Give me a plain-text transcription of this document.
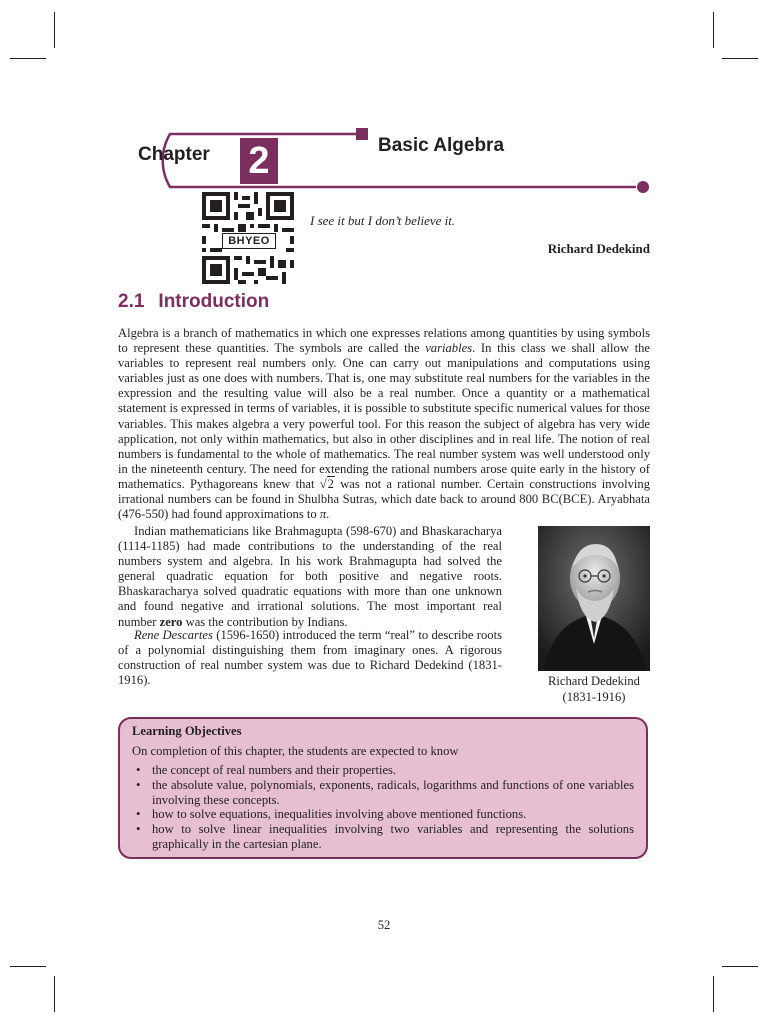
Chapter 2	Basic Algebra
BHYEO
I see it but I don’t believe it.
Richard Dedekind
2.1 Introduction

Algebra is a branch of mathematics in which one expresses relations among quantities by using symbols to represent these quantities. The symbols are called the variables. In this class we shall allow the variables to represent real numbers only. One can carry out manipulations and computations using variables just as one does with numbers. That is, one may substitute real numbers for the variables in the expression and the resulting value will also be a real number. Once a quantity or a mathematical statement is expressed in terms of variables, it is possible to substitute specific numerical values for those variables. This makes algebra a very powerful tool. For this reason the subject of algebra has very wide application, not only within mathematics, but also in other disciplines and in real life. The notion of real numbers is fundamental to the whole of mathematics. The real number system was well understood only in the nineteenth century. The need for extending the rational numbers arose quite early in the history of mathematics. Pythagoreans knew that √2 was not a rational number. Certain constructions involving irrational numbers can be found in Shulbha Sutras, which date back to around 800 BC(BCE). Aryabhata (476-550) had found approximations to π.

Indian mathematicians like Brahmagupta (598-670) and Bhaskaracharya (1114-1185) had made contributions to the understanding of the real numbers system and algebra. In his work Brahmagupta had solved the general quadratic equation for both positive and negative roots. Bhaskaracharya solved quadratic equations with more than one unknown and found negative and irrational solutions. The most important real number zero was the contribution by Indians.

Rene Descartes (1596-1650) introduced the term “real” to describe roots of a polynomial distinguishing them from imaginary ones. A rigorous construction of real number system was due to Richard Dedekind (1831-1916).	Richard Dedekind
(1831-1916)

Learning Objectives

On completion of this chapter, the students are expected to know

• the concept of real numbers and their properties.
• the absolute value, polynomials, exponents, radicals, logarithms and functions of one variables involving these concepts.
• how to solve equations, inequalities involving above mentioned functions.
• how to solve linear inequalities involving two variables and representing the solutions graphically in the cartesian plane.
52
